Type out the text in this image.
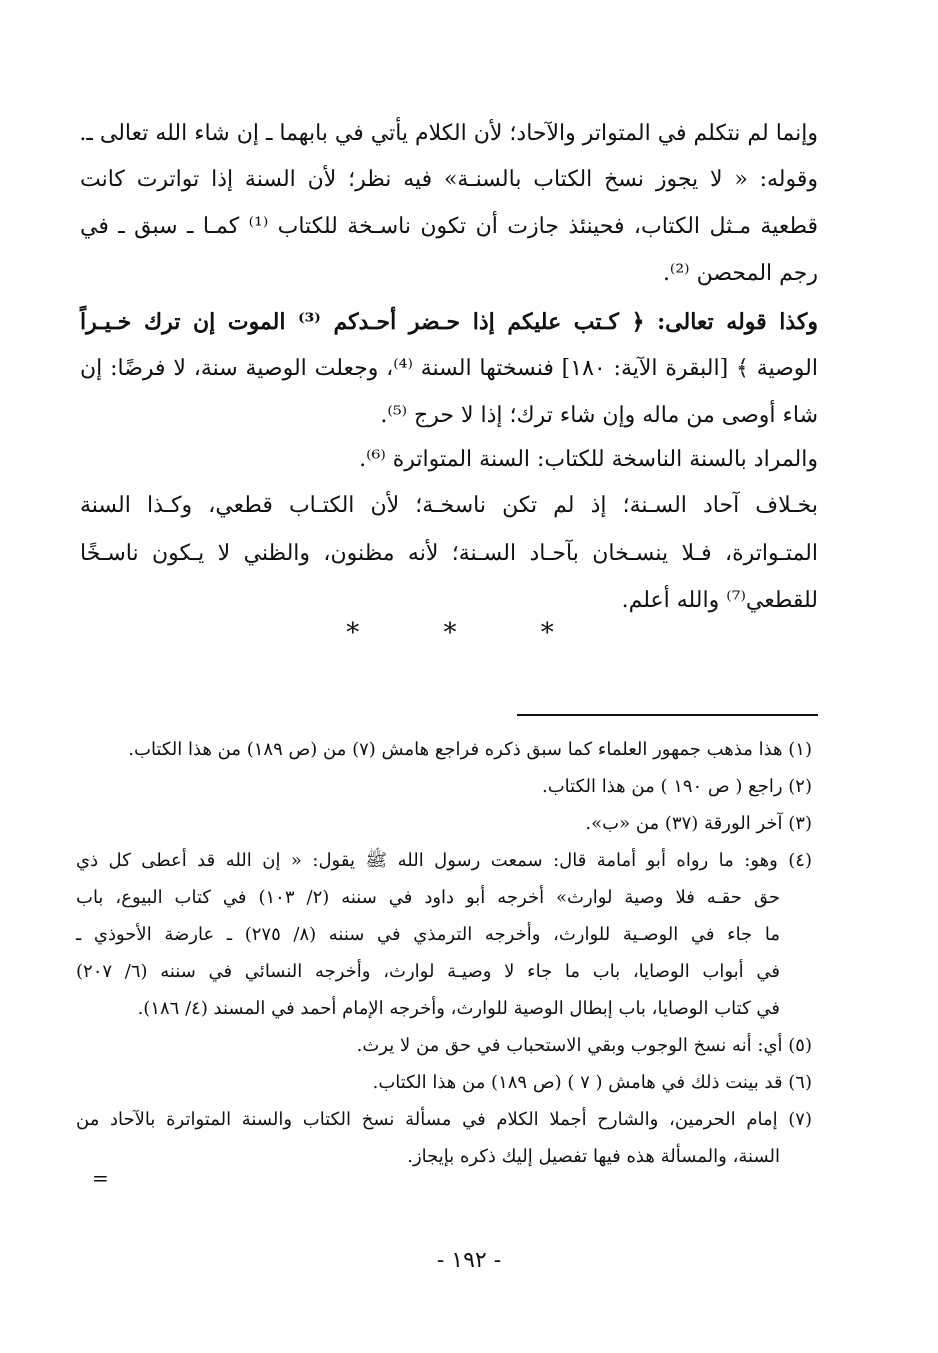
وإنما لم نتكلم في المتواتر والآحاد؛ لأن الكلام يأتي في بابهما ـ إن شاء الله تعالى ـ.
وقوله: « لا يجوز نسخ الكتاب بالسنـة» فيه نظر؛ لأن السنة إذا تواترت كانت
قطعية مـثل الكتاب، فحينئذ جازت أن تكون ناسـخة للكتاب ⁽¹⁾ كمـا ـ سبق ـ في
رجم المحصن ⁽²⁾.
وكذا قوله تعالى: ﴿ كـتب عليكم إذا حـضر أحـدكم ⁽³⁾ الموت إن ترك خـيـراً
الوصية ﴾ [البقرة الآية: ١٨٠] فنسختها السنة ⁽⁴⁾، وجعلت الوصية سنة، لا فرضًا: إن
شاء أوصى من ماله وإن شاء ترك؛ إذا لا حرج ⁽⁵⁾.
والمراد بالسنة الناسخة للكتاب: السنة المتواترة ⁽⁶⁾.
بخـلاف آحاد السـنة؛ إذ لم تكن ناسخـة؛ لأن الكتـاب قطعي، وكـذا السنة
المتـواترة، فـلا ينسـخان بآحـاد السـنة؛ لأنه مظنون، والظني لا يـكون ناسـخًا
للقطعي⁽⁷⁾ والله أعلم.
* * *
(١) هذا مذهب جمهور العلماء كما سبق ذكره فراجع هامش (٧) من (ص ١٨٩) من هذا الكتاب.
(٢) راجع ( ص ١٩٠ ) من هذا الكتاب.
(٣) آخر الورقة (٣٧) من «ب».
(٤) وهو: ما رواه أبو أمامة قال: سمعت رسول الله ﷺ يقول: « إن الله قد أعطى كل ذي
حق حقـه فلا وصية لوارث» أخرجه أبو داود في سننه (٢/ ١٠٣) في كتاب البيوع، باب
ما جاء في الوصـية للوارث، وأخرجه الترمذي في سننه (٨/ ٢٧٥) ـ عارضة الأحوذي ـ
في أبواب الوصايا، باب ما جاء لا وصيـة لوارث، وأخرجه النسائي في سننه (٦/ ٢٠٧)
في كتاب الوصايا، باب إبطال الوصية للوارث، وأخرجه الإمام أحمد في المسند (٤/ ١٨٦).
(٥) أي: أنه نسخ الوجوب وبقي الاستحباب في حق من لا يرث.
(٦) قد بينت ذلك في هامش ( ٧ ) (ص ١٨٩) من هذا الكتاب.
(٧) إمام الحرمين، والشارح أجملا الكلام في مسألة نسخ الكتاب والسنة المتواترة بالآحاد من
السنة، والمسألة هذه فيها تفصيل إليك ذكره بإيجاز.
=
- ١٩٢ -
